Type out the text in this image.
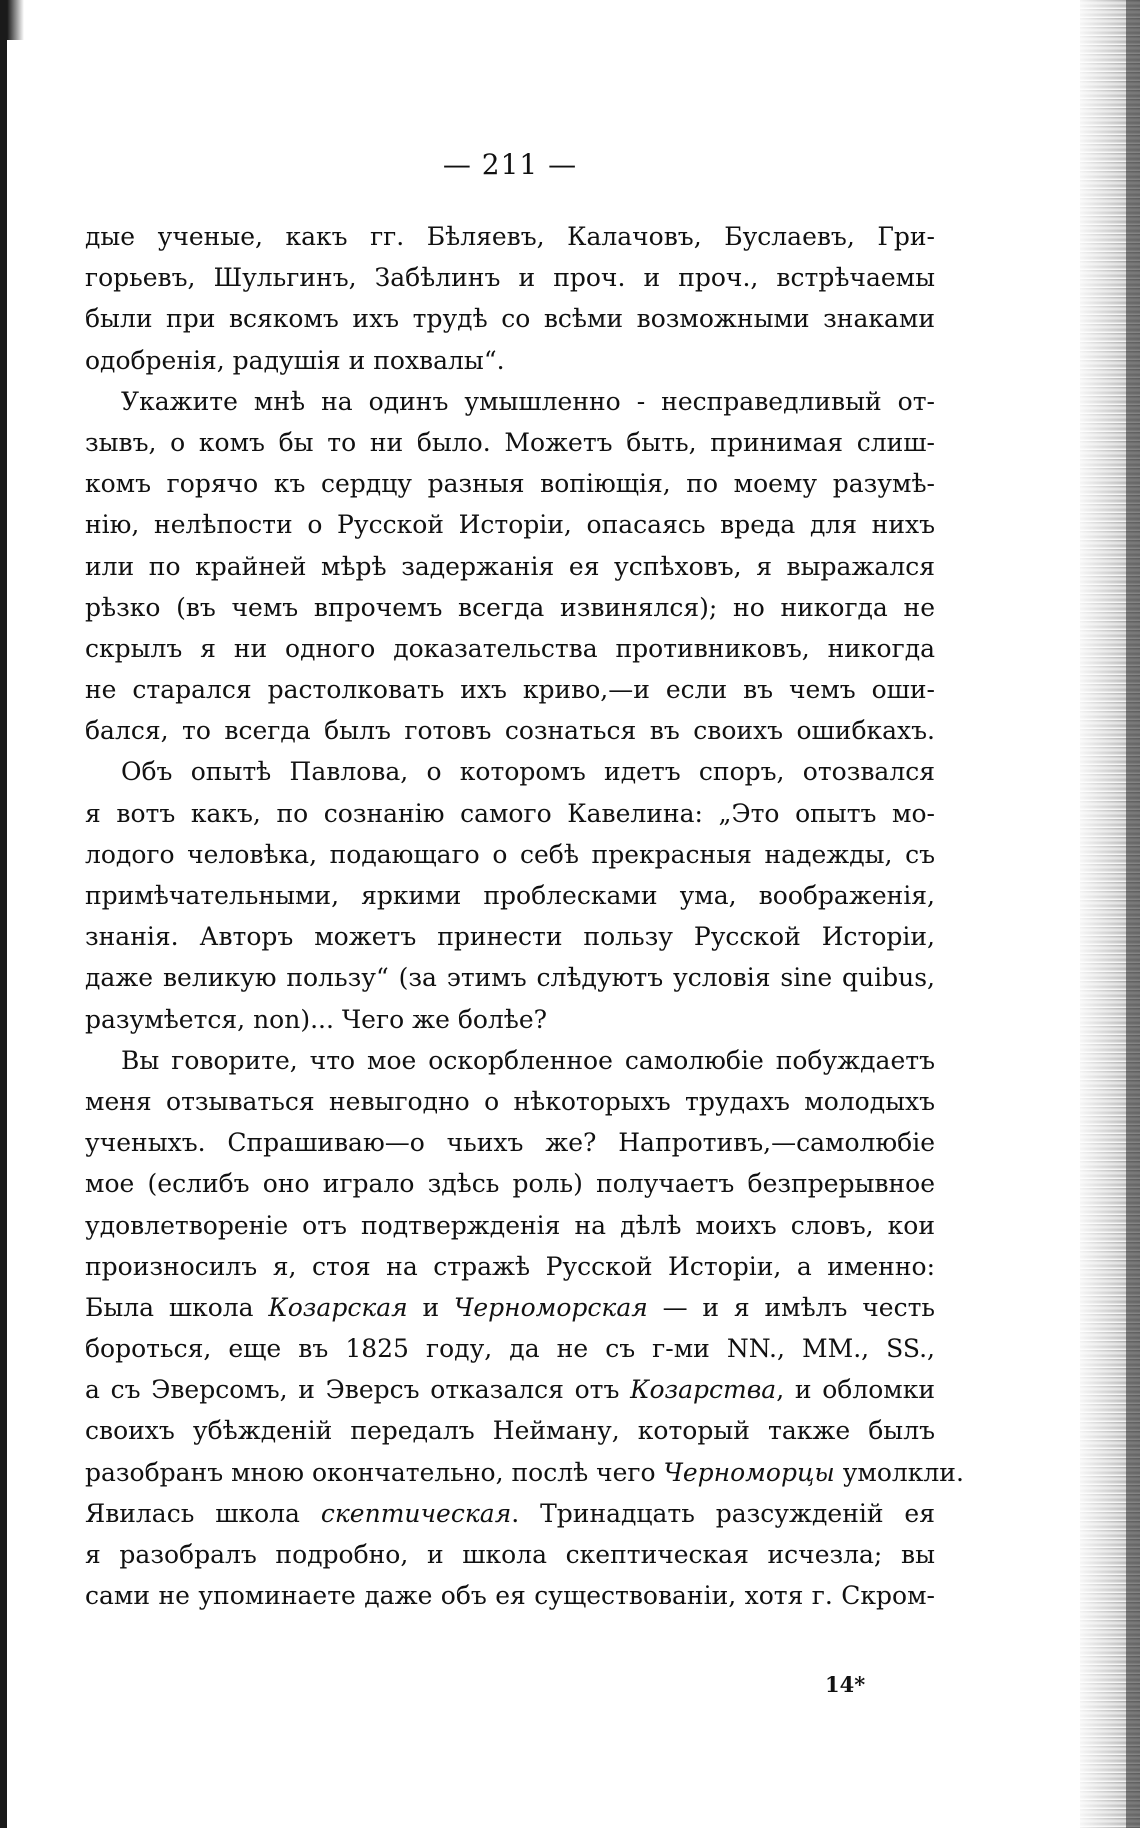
— 211 —
дые ученые, какъ гг. Бѣляевъ, Калачовъ, Буслаевъ, Гри-
горьевъ, Шульгинъ, Забѣлинъ и проч. и проч., встрѣчаемы
были при всякомъ ихъ трудѣ со всѣми возможными знаками
одобренія, радушія и похвалы“.
Укажите мнѣ на одинъ умышленно - несправедливый от-
зывъ, о комъ бы то ни было. Можетъ быть, принимая слиш-
комъ горячо къ сердцу разныя вопіющія, по моему разумѣ-
нію, нелѣпости о Русской Исторіи, опасаясь вреда для нихъ
или по крайней мѣрѣ задержанія ея успѣховъ, я выражался
рѣзко (въ чемъ впрочемъ всегда извинялся); но никогда не
скрылъ я ни одного доказательства противниковъ, никогда
не старался растолковать ихъ криво,—и если въ чемъ оши-
бался, то всегда былъ готовъ сознаться въ своихъ ошибкахъ.
Объ опытѣ Павлова, о которомъ идетъ споръ, отозвался
я вотъ какъ, по сознанію самого Кавелина: „Это опытъ мо-
лодого человѣка, подающаго о себѣ прекрасныя надежды, съ
примѣчательными, яркими проблесками ума, воображенія,
знанія. Авторъ можетъ принести пользу Русской Исторіи,
даже великую пользу“ (за этимъ слѣдуютъ условія sine quibus,
разумѣется, non)... Чего же болѣе?
Вы говорите, что мое оскорбленное самолюбіе побуждаетъ
меня отзываться невыгодно о нѣкоторыхъ трудахъ молодыхъ
ученыхъ. Спрашиваю—о чьихъ же? Напротивъ,—самолюбіе
мое (еслибъ оно играло здѣсь роль) получаетъ безпрерывное
удовлетвореніе отъ подтвержденія на дѣлѣ моихъ словъ, кои
произносилъ я, стоя на стражѣ Русской Исторіи, а именно:
Была школа Козарская и Черноморская — и я имѣлъ честь
бороться, еще въ 1825 году, да не съ г-ми NN., MM., SS.,
а съ Эверсомъ, и Эверсъ отказался отъ Козарства, и обломки
своихъ убѣжденій передалъ Нейману, который также былъ
разобранъ мною окончательно, послѣ чего Черноморцы умолкли.
Явилась школа скептическая. Тринадцать разсужденій ея
я разобралъ подробно, и школа скептическая исчезла; вы
сами не упоминаете даже объ ея существованіи, хотя г. Скром-
14*
